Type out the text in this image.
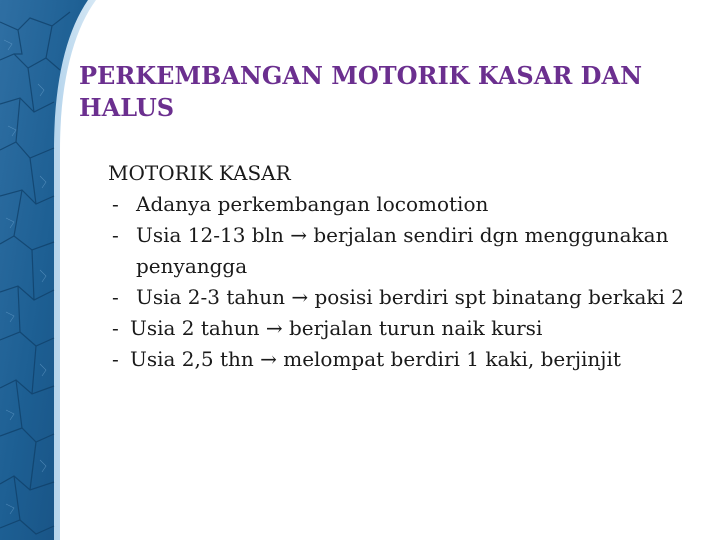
PERKEMBANGAN MOTORIK KASAR DAN HALUS

MOTORIK KASAR

- Adanya perkembangan locomotion
- Usia 12-13 bln → berjalan sendiri dgn menggunakan penyangga
- Usia 2-3 tahun → posisi berdiri spt binatang berkaki 2
- Usia 2 tahun → berjalan turun naik kursi
- Usia 2,5 thn → melompat berdiri 1 kaki, berjinjit
